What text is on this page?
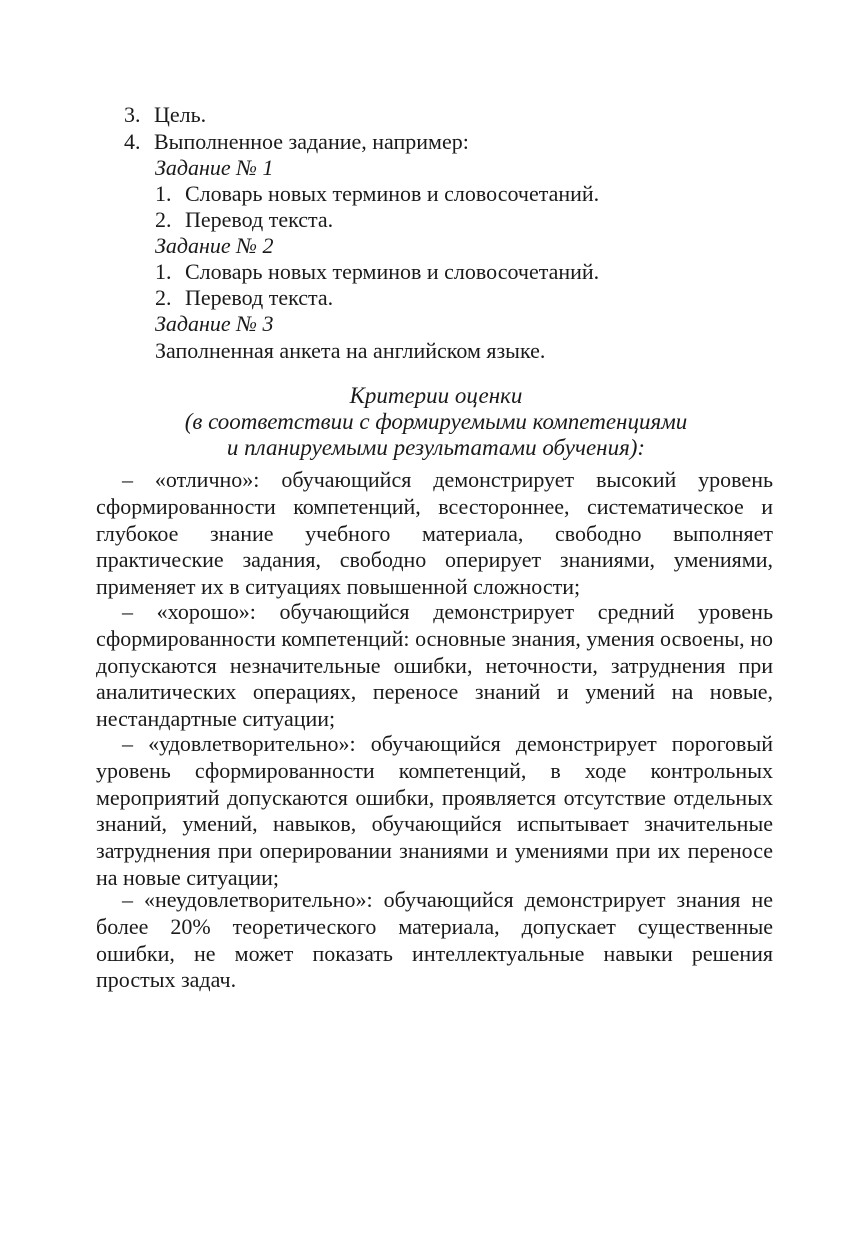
3. Цель.
4. Выполненное задание, например:
Задание № 1
1. Словарь новых терминов и словосочетаний.
2. Перевод текста.
Задание № 2
1. Словарь новых терминов и словосочетаний.
2. Перевод текста.
Задание № 3
Заполненная анкета на английском языке.
Критерии оценки
(в соответствии с формируемыми компетенциями
и планируемыми результатами обучения):
– «отлично»: обучающийся демонстрирует высокий уровень сформированности компетенций, всестороннее, систематическое и глубокое знание учебного материала, свободно выполняет практические задания, свободно оперирует знаниями, умениями, применяет их в ситуациях повышенной сложности;
– «хорошо»: обучающийся демонстрирует средний уровень сформированности компетенций: основные знания, умения освоены, но допускаются незначительные ошибки, неточности, затруднения при аналитических операциях, переносе знаний и умений на новые, нестандартные ситуации;
– «удовлетворительно»: обучающийся демонстрирует пороговый уровень сформированности компетенций, в ходе контрольных мероприятий допускаются ошибки, проявляется отсутствие отдельных знаний, умений, навыков, обучающийся испытывает значительные затруднения при оперировании знаниями и умениями при их переносе на новые ситуации;
– «неудовлетворительно»: обучающийся демонстрирует знания не более 20% теоретического материала, допускает существенные ошибки, не может показать интеллектуальные навыки решения простых задач.
